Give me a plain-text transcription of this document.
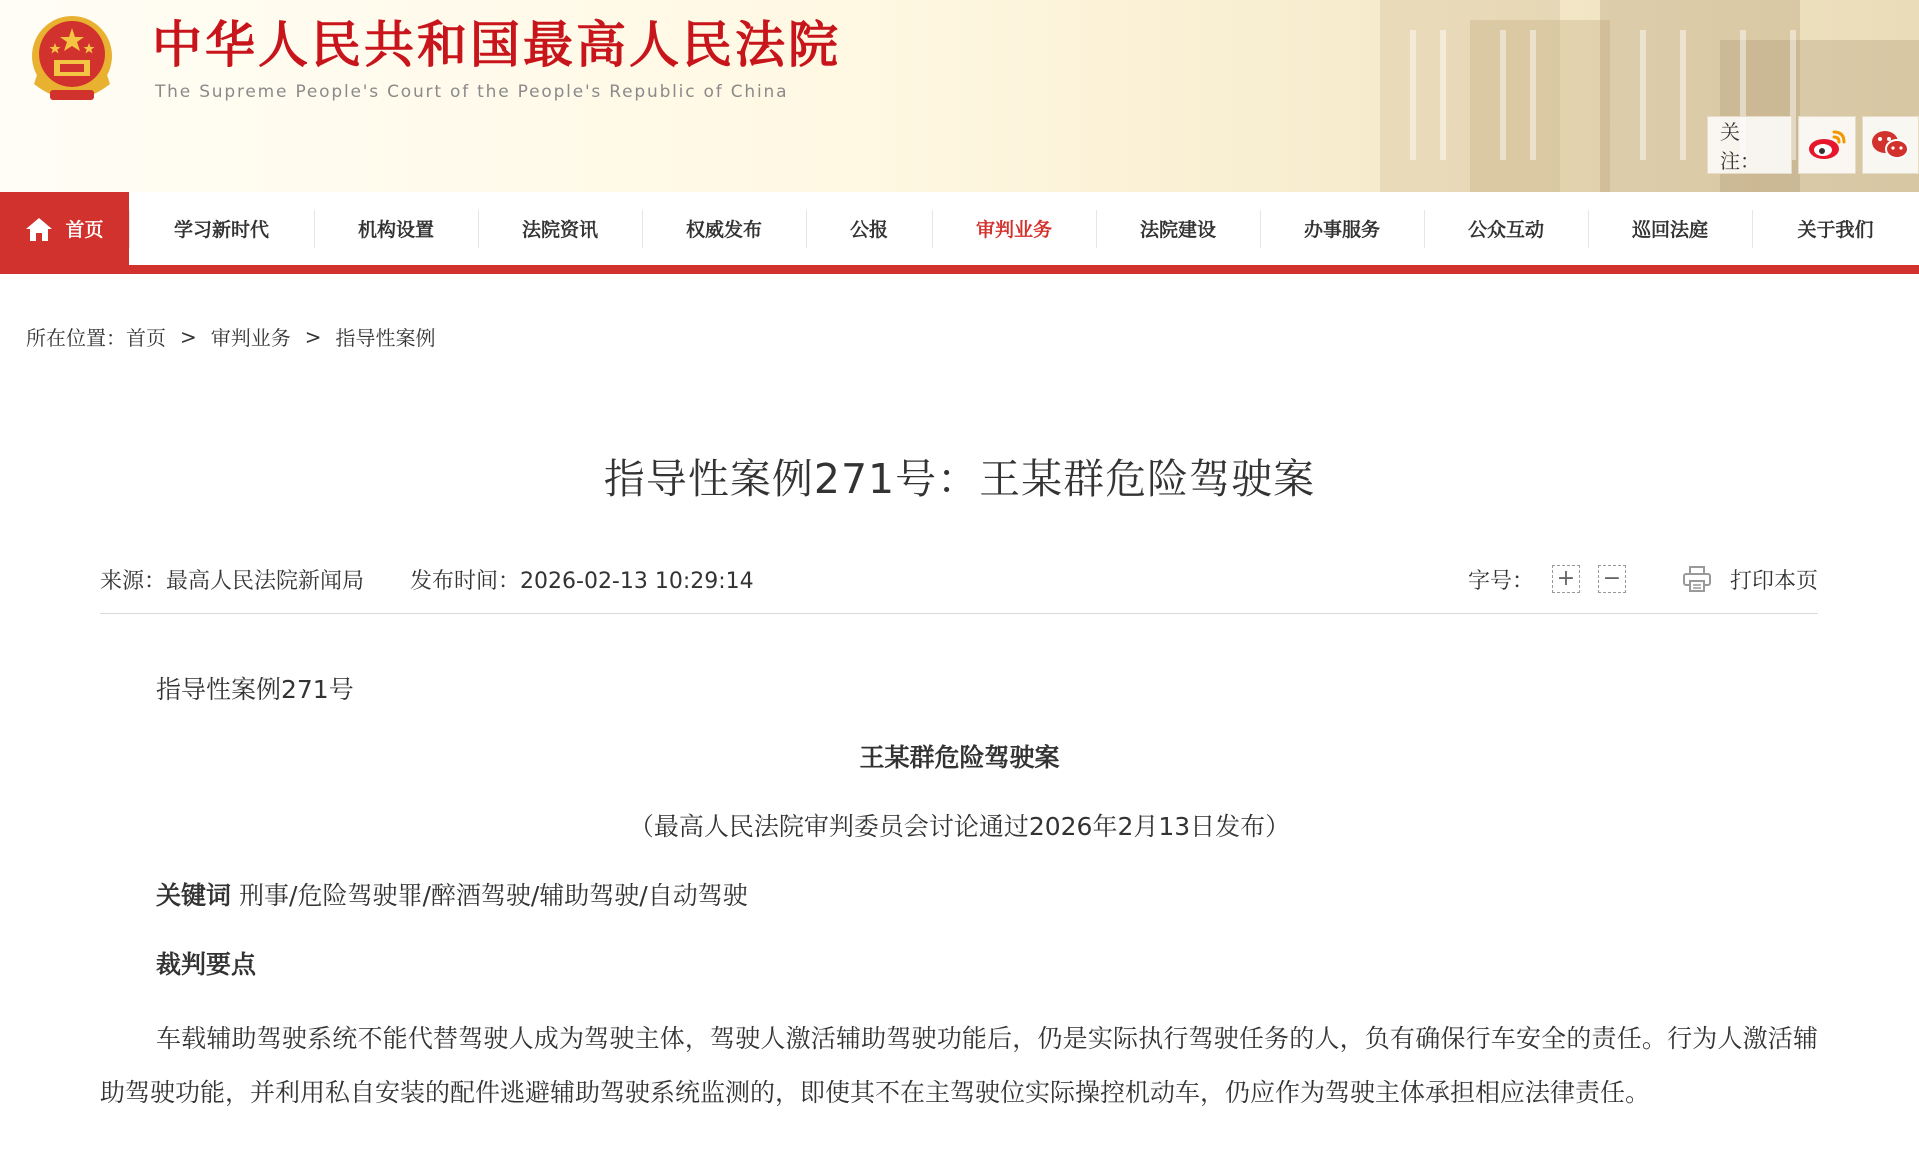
中华人民共和国最高人民法院
The Supreme People's Court of the People's Republic of China
关注：
首页	学习新时代	机构设置	法院资讯	权威发布	公报	审判业务	法院建设	办事服务	公众互动	巡回法庭	关于我们
所在位置： 首页 > 审判业务 > 指导性案例
指导性案例271号：王某群危险驾驶案
来源：最高人民法院新闻局 发布时间：2026-02-13 10:29:14	字号： + −	打印本页
指导性案例271号
王某群危险驾驶案
（最高人民法院审判委员会讨论通过2026年2月13日发布）
关键词 刑事/危险驾驶罪/醉酒驾驶/辅助驾驶/自动驾驶
裁判要点
车载辅助驾驶系统不能代替驾驶人成为驾驶主体，驾驶人激活辅助驾驶功能后，仍是实际执行驾驶任务的人，负有确保行车安全的责任。行为人激活辅助驾驶功能，并利用私自安装的配件逃避辅助驾驶系统监测的，即使其不在主驾驶位实际操控机动车，仍应作为驾驶主体承担相应法律责任。
